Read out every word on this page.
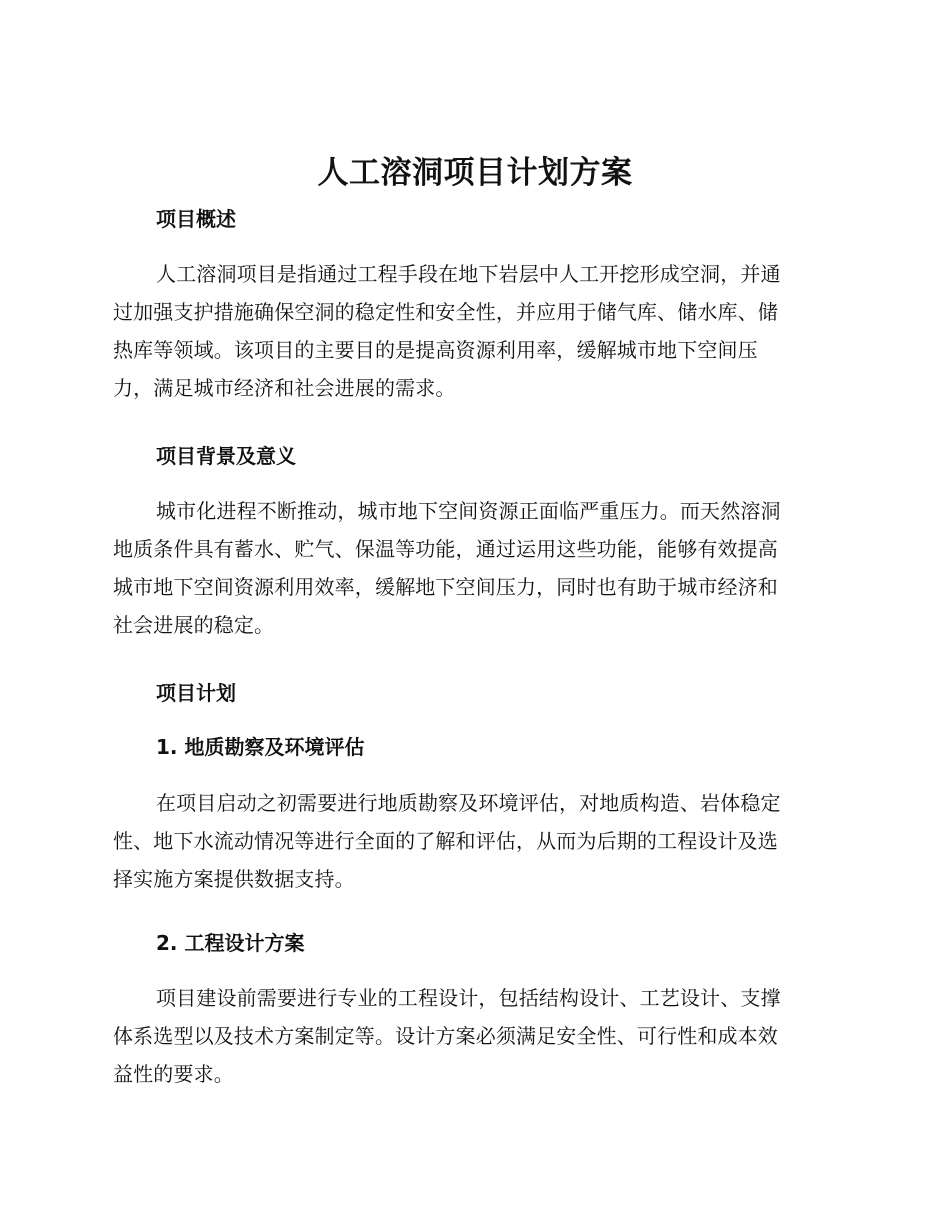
人工溶洞项目计划方案
项目概述
人工溶洞项目是指通过工程手段在地下岩层中人工开挖形成空洞，并通
过加强支护措施确保空洞的稳定性和安全性，并应用于储气库、储水库、储
热库等领域。该项目的主要目的是提高资源利用率，缓解城市地下空间压
力，满足城市经济和社会进展的需求。
项目背景及意义
城市化进程不断推动，城市地下空间资源正面临严重压力。而天然溶洞
地质条件具有蓄水、贮气、保温等功能，通过运用这些功能，能够有效提高
城市地下空间资源利用效率，缓解地下空间压力，同时也有助于城市经济和
社会进展的稳定。
项目计划
1. 地质勘察及环境评估
在项目启动之初需要进行地质勘察及环境评估，对地质构造、岩体稳定
性、地下水流动情况等进行全面的了解和评估，从而为后期的工程设计及选
择实施方案提供数据支持。
2. 工程设计方案
项目建设前需要进行专业的工程设计，包括结构设计、工艺设计、支撑
体系选型以及技术方案制定等。设计方案必须满足安全性、可行性和成本效
益性的要求。
